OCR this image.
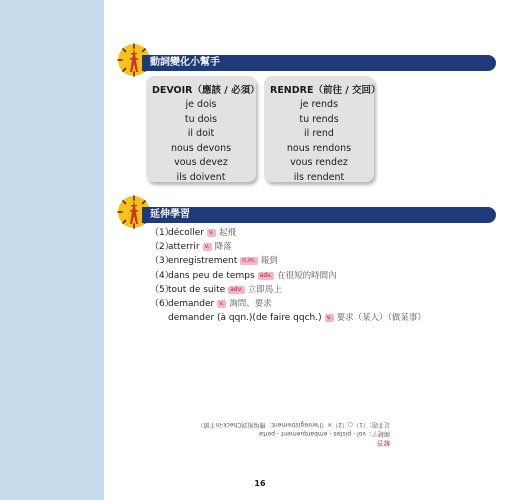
動詞變化小幫手
DEVOIR（應該 / 必須）
je dois
tu dois
il doit
nous devons
vous devez
ils doivent
RENDRE（前往 / 交回）
je rends
tu rends
il rend
nous rendons
vous rendez
ils rendent
延伸學習
（1）décoller v. 起飛
（2）atterrir v. 降落
（3）enregistrement n.m. 報到
（4）dans peu de temps adv. 在很短的時間內
（5）tout de suite adv. 立即馬上
（6）demander v. 詢問、要求
demander (à qqn.)(de faire qqch.) v. 要求（某人）（做某事）
解答
關鍵字：vol - pistes - embarquement - porte
是非題：（1）○（2）×（l'enregistrement：機場報到Check-in手續）
16
